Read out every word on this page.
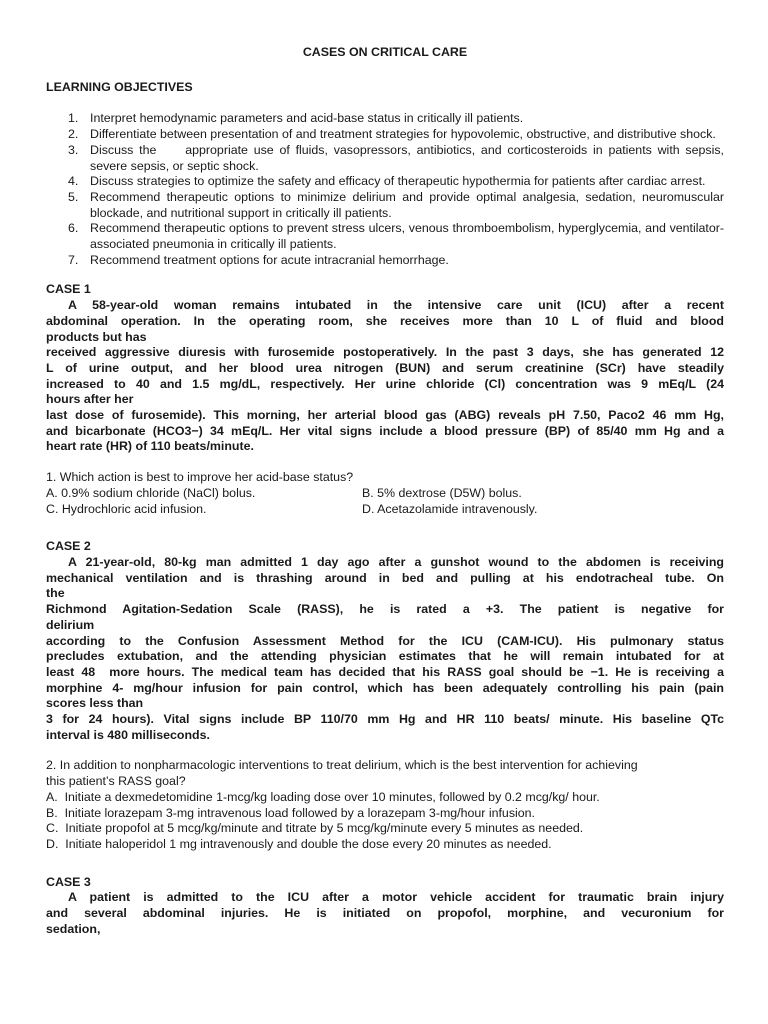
CASES ON CRITICAL CARE

LEARNING OBJECTIVES

1. Interpret hemodynamic parameters and acid-base status in critically ill patients.
2. Differentiate between presentation of and treatment strategies for hypovolemic, obstructive, and distributive shock.
3. Discuss the     appropriate use of fluids, vasopressors, antibiotics, and corticosteroids in patients with sepsis, severe sepsis, or septic shock.
4. Discuss strategies to optimize the safety and efficacy of therapeutic hypothermia for patients after cardiac arrest.
5. Recommend therapeutic options to minimize delirium and provide optimal analgesia, sedation, neuromuscular blockade, and nutritional support in critically ill patients.
6. Recommend therapeutic options to prevent stress ulcers, venous thromboembolism, hyperglycemia, and ventilator-associated pneumonia in critically ill patients.
7. Recommend treatment options for acute intracranial hemorrhage.

CASE 1

A 58-year-old woman remains intubated in the intensive care unit (ICU) after a recent
abdominal operation. In the operating room, she receives more than 10 L of fluid and blood
products but has
received aggressive diuresis with furosemide postoperatively. In the past 3 days, she has generated 12
L of urine output, and her blood urea nitrogen (BUN) and serum creatinine (SCr) have steadily
increased to 40 and 1.5 mg/dL, respectively. Her urine chloride (Cl) concentration was 9 mEq/L (24
hours after her
last dose of furosemide). This morning, her arterial blood gas (ABG) reveals pH 7.50, Paco2 46 mm Hg,
and bicarbonate (HCO3−) 34 mEq/L. Her vital signs include a blood pressure (BP) of 85/40 mm Hg and a
heart rate (HR) of 110 beats/minute.

1. Which action is best to improve her acid-base status?

A. 0.9% sodium chloride (NaCl) bolus.	B. 5% dextrose (D5W) bolus.
C. Hydrochloric acid infusion.	D. Acetazolamide intravenously.

CASE 2

A 21-year-old, 80-kg man admitted 1 day ago after a gunshot wound to the abdomen is receiving
mechanical ventilation and is thrashing around in bed and pulling at his endotracheal tube. On
the
Richmond Agitation-Sedation Scale (RASS), he is rated a +3. The patient is negative for
delirium
according to the Confusion Assessment Method for the ICU (CAM-ICU). His pulmonary status
precludes extubation, and the attending physician estimates that he will remain intubated for at
least 48  more hours. The medical team has decided that his RASS goal should be −1. He is receiving a
morphine 4- mg/hour infusion for pain control, which has been adequately controlling his pain (pain
scores less than
3 for 24 hours). Vital signs include BP 110/70 mm Hg and HR 110 beats/ minute. His baseline QTc
interval is 480 milliseconds.
2. In addition to nonpharmacologic interventions to treat delirium, which is the best intervention for achieving
this patient’s RASS goal?
A.  Initiate a dexmedetomidine 1-mcg/kg loading dose over 10 minutes, followed by 0.2 mcg/kg/ hour.
B.  Initiate lorazepam 3-mg intravenous load followed by a lorazepam 3-mg/hour infusion.
C.  Initiate propofol at 5 mcg/kg/minute and titrate by 5 mcg/kg/minute every 5 minutes as needed.
D.  Initiate haloperidol 1 mg intravenously and double the dose every 20 minutes as needed.

CASE 3

A patient is admitted to the ICU after a motor vehicle accident for traumatic brain injury
and several abdominal injuries. He is initiated on propofol, morphine, and vecuronium for
sedation,
